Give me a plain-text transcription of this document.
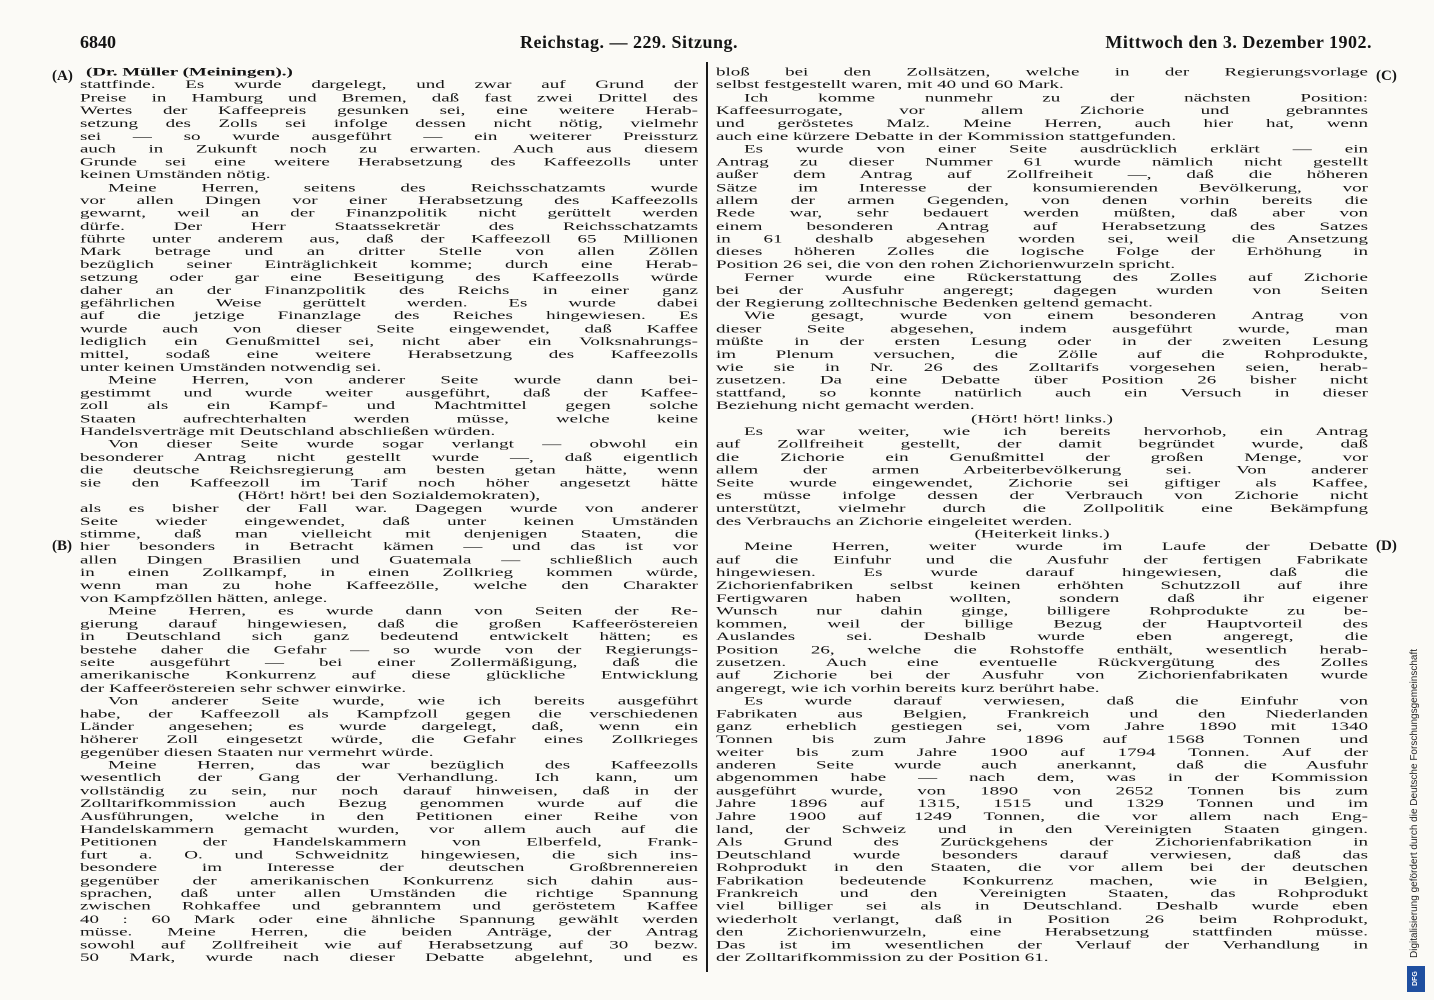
6840	Reichstag. — 229. Sitzung.	Mittwoch den 3. Dezember 1902.
(A)
(B)
(C)
(D)
(Dr. Müller (Meiningen).)
stattfinde. Es wurde dargelegt, und zwar auf Grund der
Preise in Hamburg und Bremen, daß fast zwei Drittel des
Wertes der Kaffeepreis gesunken sei, eine weitere Herab-
setzung des Zolls sei infolge dessen nicht nötig, vielmehr
sei — so wurde ausgeführt — ein weiterer Preissturz
auch in Zukunft noch zu erwarten. Auch aus diesem
Grunde sei eine weitere Herabsetzung des Kaffeezolls unter
keinen Umständen nötig.
Meine Herren, seitens des Reichsschatzamts wurde
vor allen Dingen vor einer Herabsetzung des Kaffeezolls
gewarnt, weil an der Finanzpolitik nicht gerüttelt werden
dürfe. Der Herr Staatssekretär des Reichsschatzamts
führte unter anderem aus, daß der Kaffeezoll 65 Millionen
Mark betrage und an dritter Stelle von allen Zöllen
bezüglich seiner Einträglichkeit komme; durch eine Herab-
setzung oder gar eine Beseitigung des Kaffeezolls würde
daher an der Finanzpolitik des Reichs in einer ganz
gefährlichen Weise gerüttelt werden. Es wurde dabei
auf die jetzige Finanzlage des Reiches hingewiesen. Es
wurde auch von dieser Seite eingewendet, daß Kaffee
lediglich ein Genußmittel sei, nicht aber ein Volksnahrungs-
mittel, sodaß eine weitere Herabsetzung des Kaffeezolls
unter keinen Umständen notwendig sei.
Meine Herren, von anderer Seite wurde dann bei-
gestimmt und wurde weiter ausgeführt, daß der Kaffee-
zoll als ein Kampf- und Machtmittel gegen solche
Staaten aufrechterhalten werden müsse, welche keine
Handelsverträge mit Deutschland abschließen würden.
Von dieser Seite wurde sogar verlangt — obwohl ein
besonderer Antrag nicht gestellt wurde —, daß eigentlich
die deutsche Reichsregierung am besten getan hätte, wenn
sie den Kaffeezoll im Tarif noch höher angesetzt hätte
(Hört! hört! bei den Sozialdemokraten),
als es bisher der Fall war. Dagegen wurde von anderer
Seite wieder eingewendet, daß unter keinen Umständen
stimme, daß man vielleicht mit denjenigen Staaten, die
hier besonders in Betracht kämen — und das ist vor
allen Dingen Brasilien und Guatemala — schließlich auch
in einen Zollkampf, in einen Zollkrieg kommen würde,
wenn man zu hohe Kaffeezölle, welche den Charakter
von Kampfzöllen hätten, anlege.
Meine Herren, es wurde dann von Seiten der Re-
gierung darauf hingewiesen, daß die großen Kaffeeröstereien
in Deutschland sich ganz bedeutend entwickelt hätten; es
bestehe daher die Gefahr — so wurde von der Regierungs-
seite ausgeführt — bei einer Zollermäßigung, daß die
amerikanische Konkurrenz auf diese glückliche Entwicklung
der Kaffeeröstereien sehr schwer einwirke.
Von anderer Seite wurde, wie ich bereits ausgeführt
habe, der Kaffeezoll als Kampfzoll gegen die verschiedenen
Länder angesehen; es wurde dargelegt, daß, wenn ein
höherer Zoll eingesetzt würde, die Gefahr eines Zollkrieges
gegenüber diesen Staaten nur vermehrt würde.
Meine Herren, das war bezüglich des Kaffeezolls
wesentlich der Gang der Verhandlung. Ich kann, um
vollständig zu sein, nur noch darauf hinweisen, daß in der
Zolltarifkommission auch Bezug genommen wurde auf die
Ausführungen, welche in den Petitionen einer Reihe von
Handelskammern gemacht wurden, vor allem auch auf die
Petitionen der Handelskammern von Elberfeld, Frank-
furt a. O. und Schweidnitz hingewiesen, die sich ins-
besondere im Interesse der deutschen Großbrennereien
gegenüber der amerikanischen Konkurrenz sich dahin aus-
sprachen, daß unter allen Umständen die richtige Spannung
zwischen Rohkaffee und gebranntem und geröstetem Kaffee
40 : 60 Mark oder eine ähnliche Spannung gewählt werden
müsse. Meine Herren, die beiden Anträge, der Antrag
sowohl auf Zollfreiheit wie auf Herabsetzung auf 30 bezw.
50 Mark, wurde nach dieser Debatte abgelehnt, und es
bloß bei den Zollsätzen, welche in der Regierungsvorlage
selbst festgestellt waren, mit 40 und 60 Mark.
Ich komme nunmehr zu der nächsten Position:
Kaffeesurrogate, vor allem Zichorie und gebranntes
und geröstetes Malz. Meine Herren, auch hier hat, wenn
auch eine kürzere Debatte in der Kommission stattgefunden.
Es wurde von einer Seite ausdrücklich erklärt — ein
Antrag zu dieser Nummer 61 wurde nämlich nicht gestellt
außer dem Antrag auf Zollfreiheit —, daß die höheren
Sätze im Interesse der konsumierenden Bevölkerung, vor
allem der armen Gegenden, von denen vorhin bereits die
Rede war, sehr bedauert werden müßten, daß aber von
einem besonderen Antrag auf Herabsetzung des Satzes
in 61 deshalb abgesehen worden sei, weil die Ansetzung
dieses höheren Zolles die logische Folge der Erhöhung in
Position 26 sei, die von den rohen Zichorienwurzeln spricht.
Ferner wurde eine Rückerstattung des Zolles auf Zichorie
bei der Ausfuhr angeregt; dagegen wurden von Seiten
der Regierung zolltechnische Bedenken geltend gemacht.
Wie gesagt, wurde von einem besonderen Antrag von
dieser Seite abgesehen, indem ausgeführt wurde, man
müßte in der ersten Lesung oder in der zweiten Lesung
im Plenum versuchen, die Zölle auf die Rohprodukte,
wie sie in Nr. 26 des Zolltarifs vorgesehen seien, herab-
zusetzen. Da eine Debatte über Position 26 bisher nicht
stattfand, so konnte natürlich auch ein Versuch in dieser
Beziehung nicht gemacht werden.
(Hört! hört! links.)
Es war weiter, wie ich bereits hervorhob, ein Antrag
auf Zollfreiheit gestellt, der damit begründet wurde, daß
die Zichorie ein Genußmittel der großen Menge, vor
allem der armen Arbeiterbevölkerung sei. Von anderer
Seite wurde eingewendet, Zichorie sei giftiger als Kaffee,
es müsse infolge dessen der Verbrauch von Zichorie nicht
unterstützt, vielmehr durch die Zollpolitik eine Bekämpfung
des Verbrauchs an Zichorie eingeleitet werden.
(Heiterkeit links.)
Meine Herren, weiter wurde im Laufe der Debatte
auf die Einfuhr und die Ausfuhr der fertigen Fabrikate
hingewiesen. Es wurde darauf hingewiesen, daß die
Zichorienfabriken selbst keinen erhöhten Schutzzoll auf ihre
Fertigwaren haben wollten, sondern daß ihr eigener
Wunsch nur dahin ginge, billigere Rohprodukte zu be-
kommen, weil der billige Bezug der Hauptvorteil des
Auslandes sei. Deshalb wurde eben angeregt, die
Position 26, welche die Rohstoffe enthält, wesentlich herab-
zusetzen. Auch eine eventuelle Rückvergütung des Zolles
auf Zichorie bei der Ausfuhr von Zichorienfabrikaten wurde
angeregt, wie ich vorhin bereits kurz berührt habe.
Es wurde darauf verwiesen, daß die Einfuhr von
Fabrikaten aus Belgien, Frankreich und den Niederlanden
ganz erheblich gestiegen sei, vom Jahre 1890 mit 1340
Tonnen bis zum Jahre 1896 auf 1568 Tonnen und
weiter bis zum Jahre 1900 auf 1794 Tonnen. Auf der
anderen Seite wurde auch anerkannt, daß die Ausfuhr
abgenommen habe — nach dem, was in der Kommission
ausgeführt wurde, von 1890 von 2652 Tonnen bis zum
Jahre 1896 auf 1315, 1515 und 1329 Tonnen und im
Jahre 1900 auf 1249 Tonnen, die vor allem nach Eng-
land, der Schweiz und in den Vereinigten Staaten gingen.
Als Grund des Zurückgehens der Zichorienfabrikation in
Deutschland wurde besonders darauf verwiesen, daß das
Rohprodukt in den Staaten, die vor allem bei der deutschen
Fabrikation bedeutende Konkurrenz machen, wie in Belgien,
Frankreich und den Vereinigten Staaten, das Rohprodukt
viel billiger sei als in Deutschland. Deshalb wurde eben
wiederholt verlangt, daß in Position 26 beim Rohprodukt,
den Zichorienwurzeln, eine Herabsetzung stattfinden müsse.
Das ist im wesentlichen der Verlauf der Verhandlung in
der Zolltarifkommission zu der Position 61.	Digitalisierung gefördert durch die Deutsche Forschungsgemeinschaft
DFG
